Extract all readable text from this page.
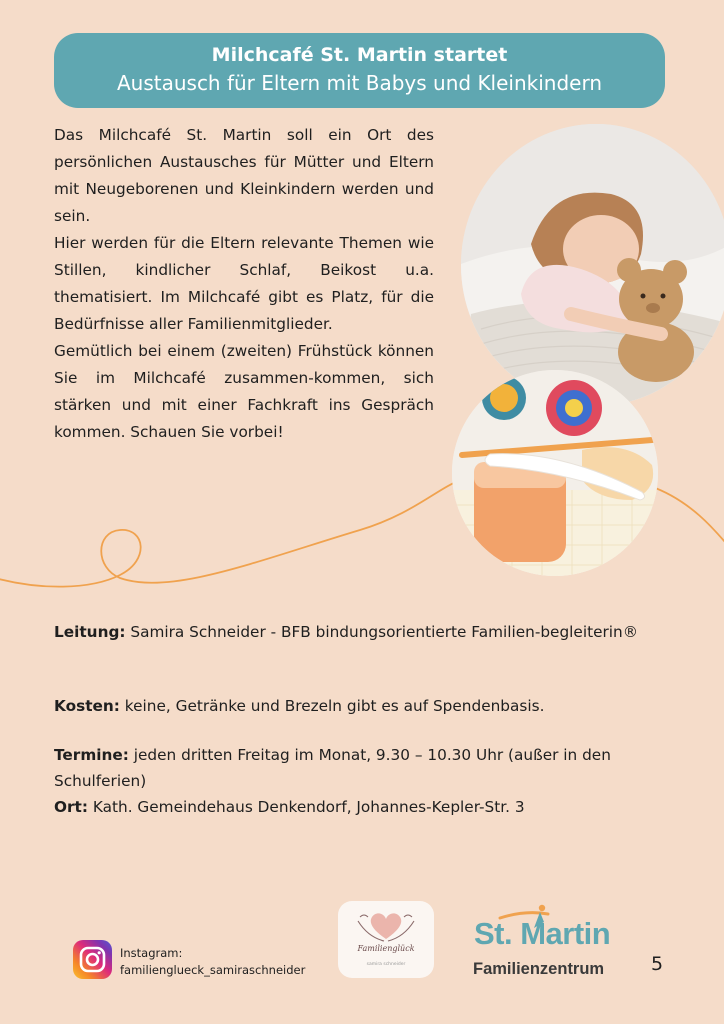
Milchcafé St. Martin startet
Austausch für Eltern mit Babys und Kleinkindern

Das Milchcafé St. Martin soll ein Ort des persönlichen Austausches für Mütter und Eltern mit Neugeborenen und Kleinkindern werden und sein.

Hier werden für die Eltern relevante Themen wie Stillen, kindlicher Schlaf, Beikost u.a. thematisiert. Im Milchcafé gibt es Platz, für die Bedürfnisse aller Familienmitglieder.

Gemütlich bei einem (zweiten) Frühstück können Sie im Milchcafé zusammen-kommen, sich stärken und mit einer Fachkraft ins Gespräch kommen. Schauen Sie vorbei!

Leitung: Samira Schneider - BFB bindungsorientierte Familien-begleiterin®
Kosten: keine, Getränke und Brezeln gibt es auf Spendenbasis.
Termine: jeden dritten Freitag im Monat, 9.30 – 10.30 Uhr (außer in den Schulferien)
Ort: Kath. Gemeindehaus Denkendorf, Johannes-Kepler-Str. 3
Instagram:
familienglueck_samiraschneider
Familienglück
samira schneider
St. Martin
Familienzentrum 5
